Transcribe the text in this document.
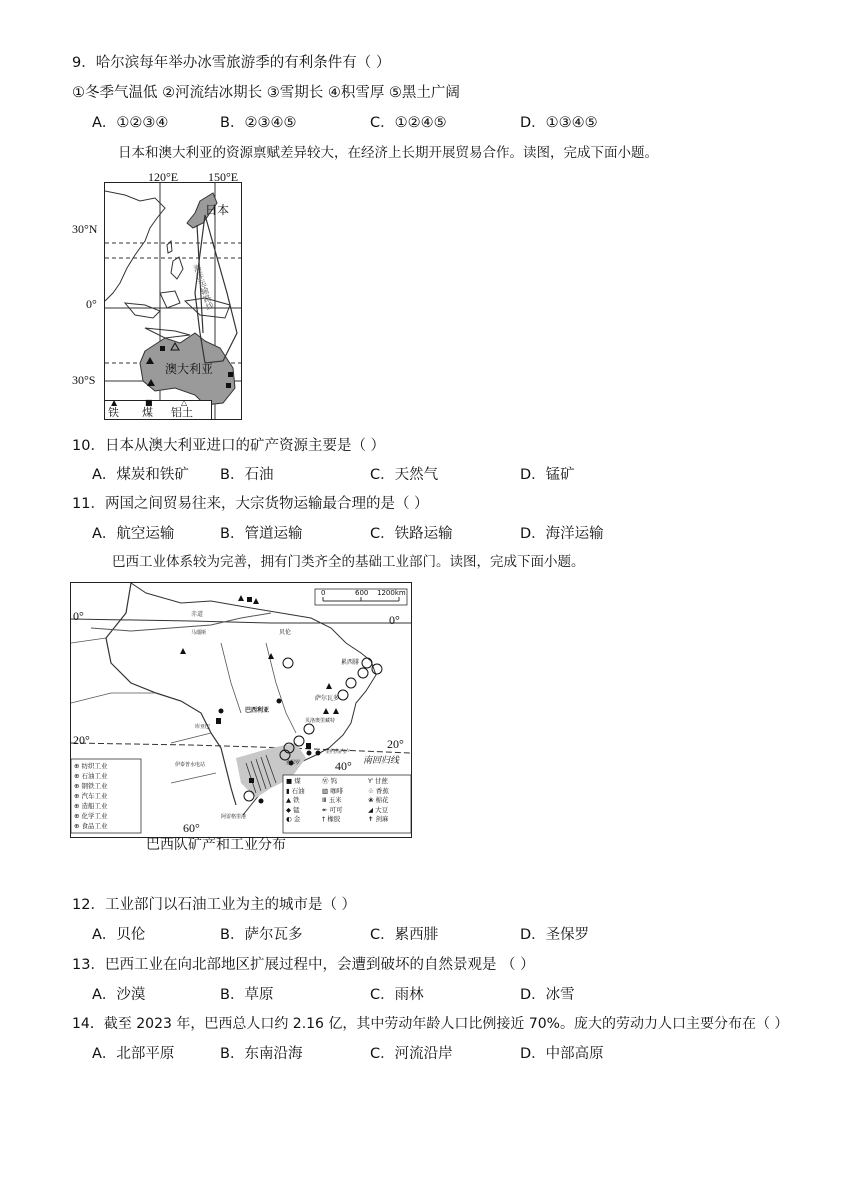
9．哈尔滨每年举办冰雪旅游季的有利条件有（ ）
①冬季气温低 ②河流结冰期长 ③雪期长 ④积雪厚 ⑤黑土广阔
A．①②③④	B．②③④⑤	C．①②④⑤	D．①③④⑤
日本和澳大利亚的资源禀赋差异较大，在经济上长期开展贸易合作。读图，完成下面小题。
日本
澳大利亚
海洋运输路线
▲
铁
■
煤
△
铝土
120°E 150°E
30°N
0°
30°S
10．日本从澳大利亚进口的矿产资源主要是（ ）
A．煤炭和铁矿 B．石油	C．天然气	D．锰矿
11．两国之间贸易往来，大宗货物运输最合理的是（ ）
A．航空运输	B．管道运输	C．铁路运输	D．海洋运输
巴西工业体系较为完善，拥有门类齐全的基础工业部门。读图，完成下面小题。
0	600 1200km
0°	0°
20°	20°
40°
60°
赤道
南回归线
贝伦
累西腓
萨尔瓦多
巴西利亚
贝洛奥里藏特
圣保罗
里约热内卢
马瑙斯
库亚巴
伊泰普水电站
阿雷格里港
⊕ 纺织工业
⊕ 石油工业
⊕ 钢铁工业
⊕ 汽车工业
⊕ 造船工业
⊕ 化学工业
⊕ 食品工业
■ 煤
▮ 石油
▲ 铁
◆ 锰
◐ 金
Ⓦ 钨
▧ 咖啡
Ⅲ 玉米
↞ 可可
† 橡胶
Ƴ 甘蔗
♧ 香蕉
❀ 棉花
◢ 大豆
✝ 剑麻
巴西队矿产和工业分布
12．工业部门以石油工业为主的城市是（ ）
A．贝伦	B．萨尔瓦多	C．累西腓	D．圣保罗
13．巴西工业在向北部地区扩展过程中，会遭到破坏的自然景观是 （ ）
A．沙漠	B．草原	C．雨林	D．冰雪
14．截至 2023 年，巴西总人口约 2.16 亿，其中劳动年龄人口比例接近 70%。庞大的劳动力人口主要分布在（ ）
A．北部平原	B．东南沿海	C．河流沿岸	D．中部高原
